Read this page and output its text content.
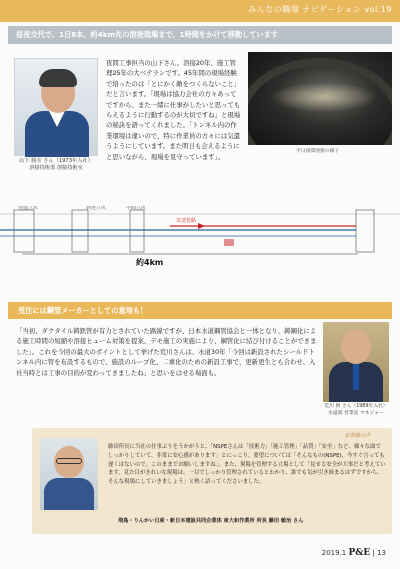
みんなの職場 ナビゲーション vol.19
昼夜交代で、1日8本、約4km先の溶接現場まで、1時間をかけて移動しています
山下 勝幸 さん（1973年入社）
溶接技術部 溶接技術室

夜間工事担当の山下さん。溶接20年、施工管理25年の大ベテランです。45年間の現場経験で培ったのは「とにかく敵をつくらないこと」だと言います。「現場は協力会社の方々あってですから、また一緒に仕事がしたいと思ってもらえるように行動するのが大切ですね」と現場の秘訣を語ってくれました。「トンネル内の作業環境は違いので、特に作業員の方々には気遣うようにしています。また明日も会えるようにと思いながら、現場を見守っています」。

平日夜間溶接の様子
発進立坑	到達立坑	中間立坑
気送管路
約4km
受注には鋼管メーカーとしての意地も！

「当初、ダクタイル鋳鉄管が有力とされていた路線ですが、日本水道鋼管協会と一体となり、鋳鋼化による施工時間の短縮や溶接ヒューム対策を提案、デモ施工の実施により、鋼管化に結び付けることができました」。これを今回の最大のポイントとして挙げた荒川さんは、水道30年「今回は新設されたシールドトンネル内に管を布設するもので、施設のループ化、二重化のための新設工事で、更新更生とも合わせ、入社当時とは工事の目的が変わってきましたね」と思いをはせる場面も。

荒川 朗 さん（1989年入社）
水道部 営業室 マネジャー
お客様の声

藤田所長に当社の仕事ぶりをうかがうと、「NSPEさんは「技術力」「施工管理」「品質」「安全」など、様々な面でしっかりしていて、非常に安心感があります」とにっこり。要望については「そんなもの(NSPE)、今すぐ言っても遅くはないので、このままでお願いしますね」。また、現場を管理する立場として「見せる安全が大事だと考えています。見た目がきれいな現場は、一目でしっかり管理されているとわかり、誰でも気が引き締まるはずですから、そんな現場にしていきましょう」と熱く語ってくださいました。

飛島・りんかい日産・新日本建設共同企業体 東大和作業所 所長 藤田 敏治 さん
2019.1 P&E | 13
